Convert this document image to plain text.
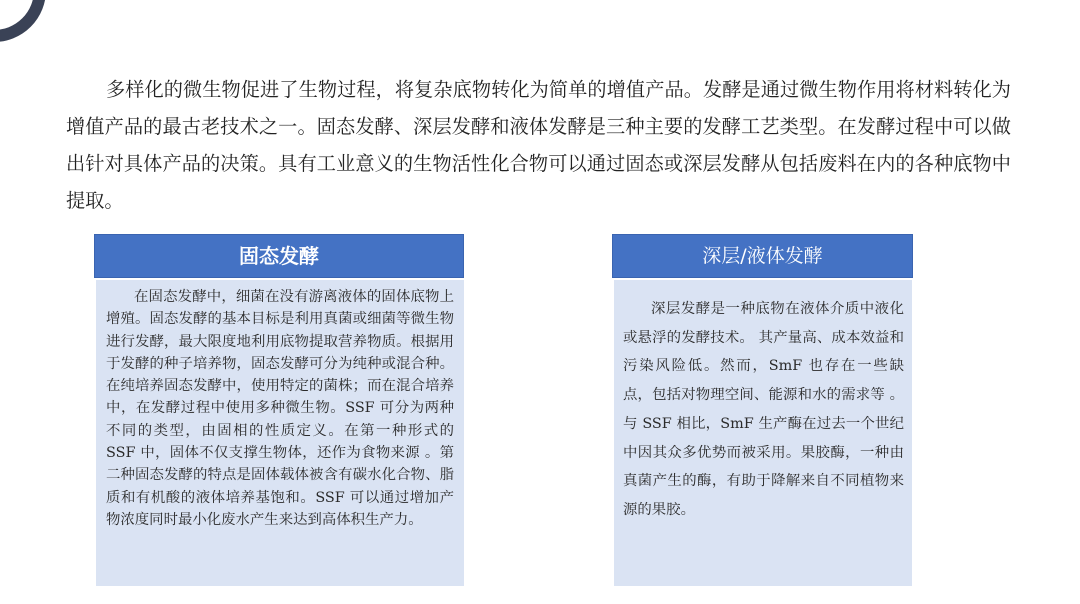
多样化的微生物促进了生物过程，将复杂底物转化为简单的增值产品。发酵是通过微生物作用将材料转化为增值产品的最古老技术之一。固态发酵、深层发酵和液体发酵是三种主要的发酵工艺类型。在发酵过程中可以做出针对具体产品的决策。具有工业意义的生物活性化合物可以通过固态或深层发酵从包括废料在内的各种底物中提取。

固态发酵

在固态发酵中，细菌在没有游离液体的固体底物上增殖。固态发酵的基本目标是利用真菌或细菌等微生物进行发酵，最大限度地利用底物提取营养物质。根据用于发酵的种子培养物，固态发酵可分为纯种或混合种。在纯培养固态发酵中，使用特定的菌株；而在混合培养中，在发酵过程中使用多种微生物。SSF 可分为两种不同的类型，由固相的性质定义。在第一种形式的 SSF 中，固体不仅支撑生物体，还作为食物来源 。第二种固态发酵的特点是固体载体被含有碳水化合物、脂质和有机酸的液体培养基饱和。SSF 可以通过增加产物浓度同时最小化废水产生来达到高体积生产力。

深层/液体发酵

深层发酵是一种底物在液体介质中液化或悬浮的发酵技术。 其产量高、成本效益和污染风险低。然而，SmF 也存在一些缺点，包括对物理空间、能源和水的需求等 。与 SSF 相比，SmF 生产酶在过去一个世纪中因其众多优势而被采用。果胶酶，一种由真菌产生的酶，有助于降解来自不同植物来源的果胶。
